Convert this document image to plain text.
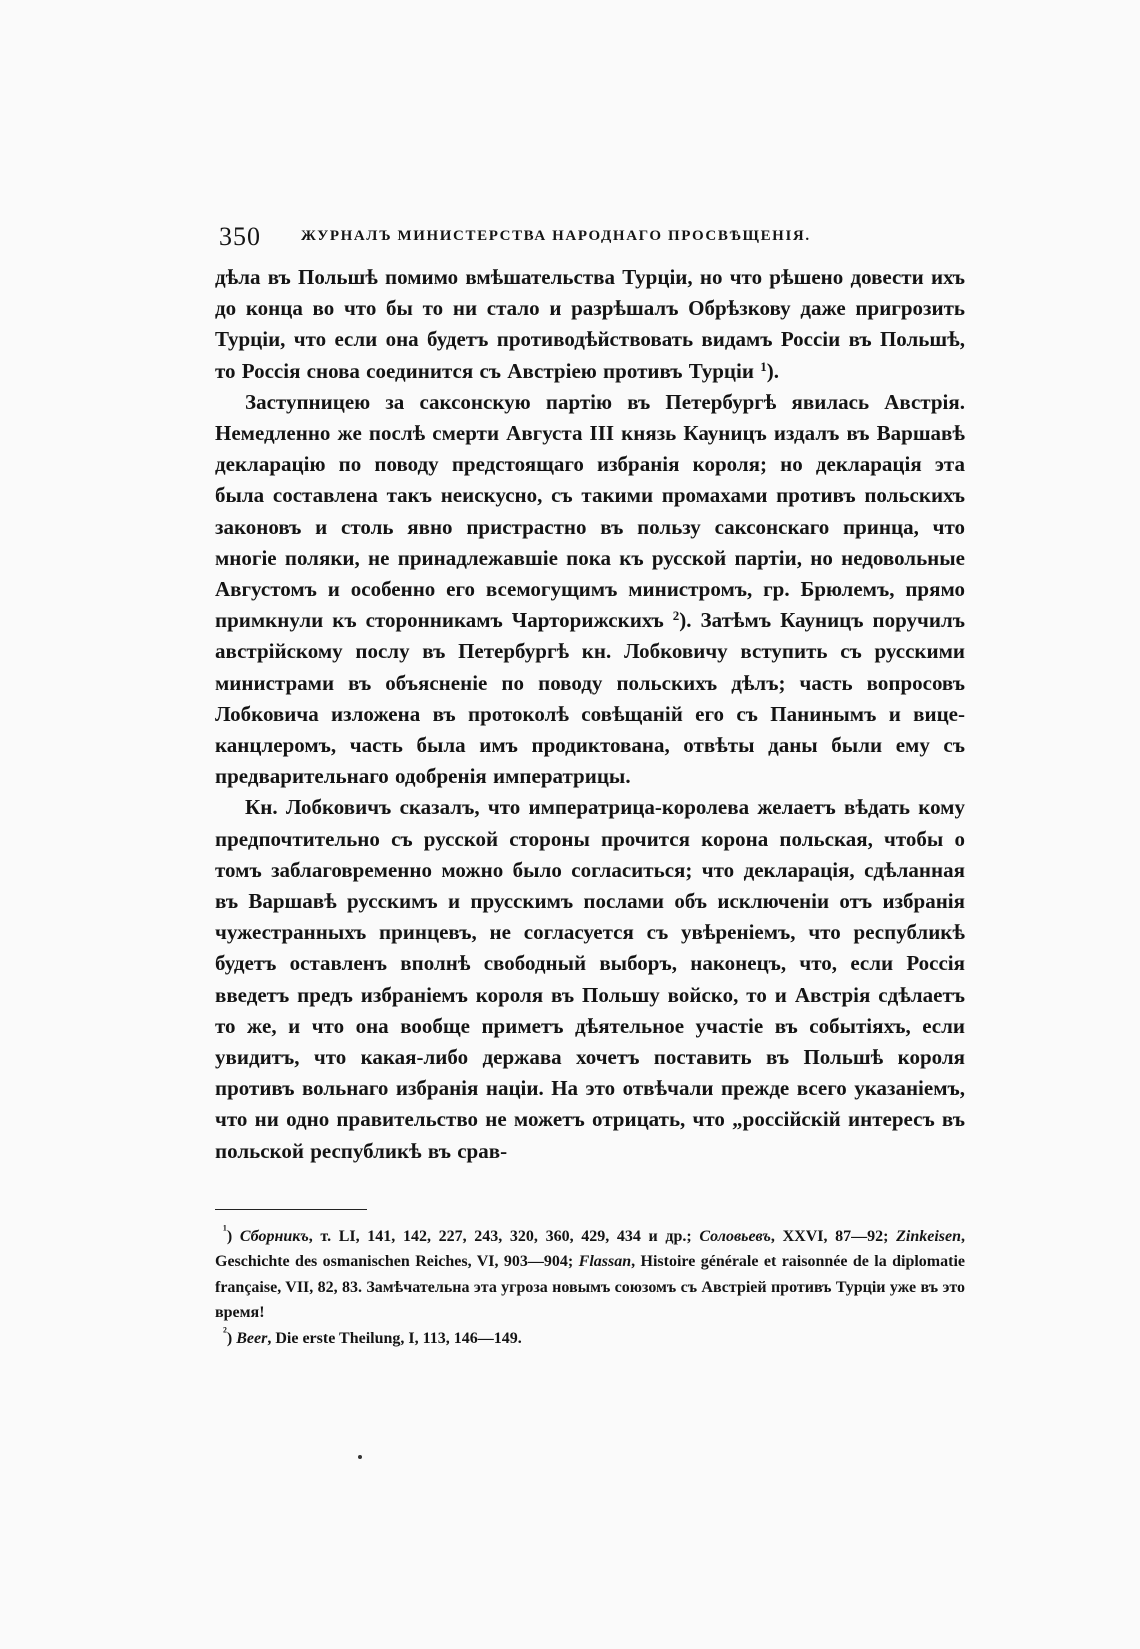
350	ЖУРНАЛЪ МИНИСТЕРСТВА НАРОДНАГО ПРОСВѢЩЕНІЯ.

дѣла въ Польшѣ помимо вмѣшательства Турціи, но что рѣшено довести ихъ до конца во что бы то ни стало и разрѣшалъ Обрѣзкову даже пригрозить Турціи, что если она будетъ противодѣйствовать видамъ Россіи въ Польшѣ, то Россія снова соединится съ Австріею противъ Турціи $^1$).

Заступницею за саксонскую партію въ Петербургѣ явилась Австрія. Немедленно же послѣ смерти Августа III князь Кауницъ издалъ въ Варшавѣ декларацію по поводу предстоящаго избранія короля; но декларація эта была составлена такъ неискусно, съ такими промахами противъ польскихъ законовъ и столь явно пристрастно въ пользу саксонскаго принца, что многіе поляки, не принадлежавшіе пока къ русской партіи, но недовольные Августомъ и особенно его всемогущимъ министромъ, гр. Брюлемъ, прямо примкнули къ сторонникамъ Чарторижскихъ $^2$). Затѣмъ Кауницъ поручилъ австрійскому послу въ Петербургѣ кн. Лобковичу вступить съ русскими министрами въ объясненіе по поводу польскихъ дѣлъ; часть вопросовъ Лобковича изложена въ протоколѣ совѣщаній его съ Панинымъ и вице-канцлеромъ, часть была имъ продиктована, отвѣты даны были ему съ предварительнаго одобренія императрицы.

Кн. Лобковичъ сказалъ, что императрица-королева желаетъ вѣдать кому предпочтительно съ русской стороны прочится корона польская, чтобы о томъ заблаговременно можно было согласиться; что декларація, сдѣланная въ Варшавѣ русскимъ и прусскимъ послами объ исключеніи отъ избранія чужестранныхъ принцевъ, не согласуется съ увѣреніемъ, что республикѣ будетъ оставленъ вполнѣ свободный выборъ, наконецъ, что, если Россія введетъ предъ избраніемъ короля въ Польшу войско, то и Австрія сдѣлаетъ то же, и что она вообще приметъ дѣятельное участіе въ событіяхъ, если увидитъ, что какая-либо держава хочетъ поставить въ Польшѣ короля противъ вольнаго избранія націи. На это отвѣчали прежде всего указаніемъ, что ни одно правительство не можетъ отрицать, что „россійскій интересъ въ польской республикѣ въ срав-

$^{^1}$) Сборникъ, т. LI, 141, 142, 227, 243, 320, 360, 429, 434 и др.; Соловьевъ, XXVI, 87—92; Zinkeisen, Geschichte des osmanischen Reiches, VI, 903—904; Flassan, Histoire générale et raisonnée de la diplomatie française, VII, 82, 83. Замѣчательна эта угроза новымъ союзомъ съ Австріей противъ Турціи уже въ это время!

$^{^2}$) Beer, Die erste Theilung, I, 113, 146—149.
